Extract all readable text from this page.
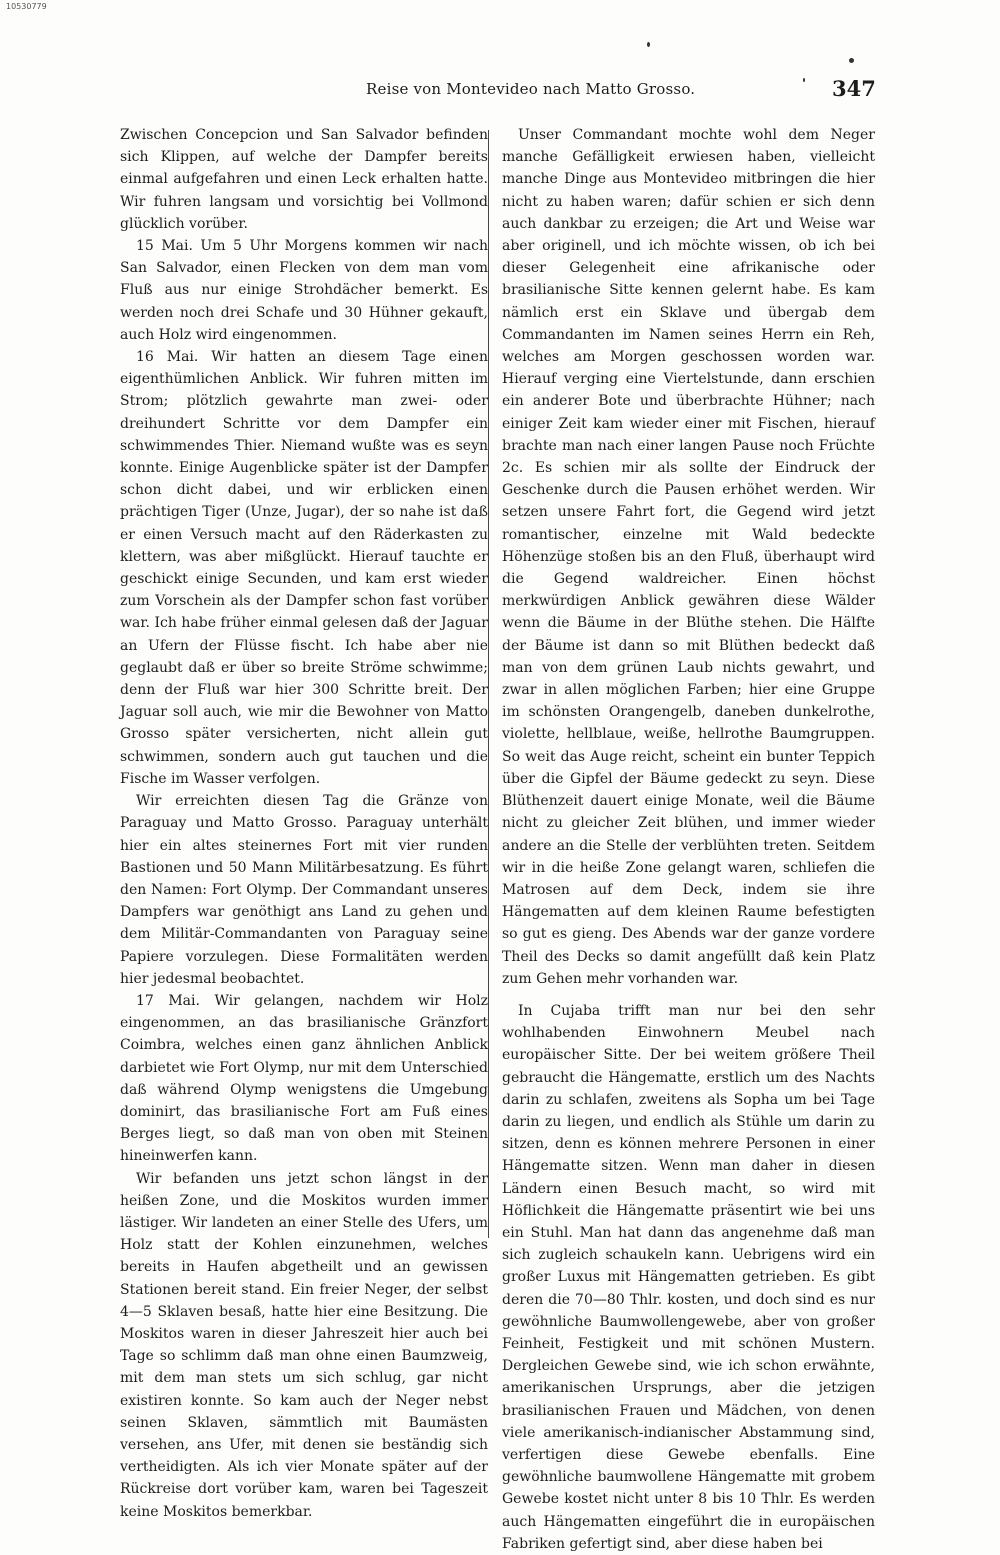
10530779
Reise von Montevideo nach Matto Grosso.	347

Zwischen Concepcion und San Salvador befinden sich Klippen, auf welche der Dampfer bereits einmal aufgefahren und einen Leck erhalten hatte. Wir fuhren langsam und vorsichtig bei Vollmond glücklich vorüber.

15 Mai. Um 5 Uhr Morgens kommen wir nach San Salvador, einen Flecken von dem man vom Fluß aus nur einige Strohdächer bemerkt. Es werden noch drei Schafe und 30 Hühner gekauft, auch Holz wird eingenommen.

16 Mai. Wir hatten an diesem Tage einen eigenthümlichen Anblick. Wir fuhren mitten im Strom; plötzlich gewahrte man zwei- oder dreihundert Schritte vor dem Dampfer ein schwimmendes Thier. Niemand wußte was es seyn konnte. Einige Augenblicke später ist der Dampfer schon dicht dabei, und wir erblicken einen prächtigen Tiger (Unze, Jugar), der so nahe ist daß er einen Versuch macht auf den Räderkasten zu klettern, was aber mißglückt. Hierauf tauchte er geschickt einige Secunden, und kam erst wieder zum Vorschein als der Dampfer schon fast vorüber war. Ich habe früher einmal gelesen daß der Jaguar an Ufern der Flüsse fischt. Ich habe aber nie geglaubt daß er über so breite Ströme schwimme; denn der Fluß war hier 300 Schritte breit. Der Jaguar soll auch, wie mir die Bewohner von Matto Grosso später versicherten, nicht allein gut schwimmen, sondern auch gut tauchen und die Fische im Wasser verfolgen.

Wir erreichten diesen Tag die Gränze von Paraguay und Matto Grosso. Paraguay unterhält hier ein altes steinernes Fort mit vier runden Bastionen und 50 Mann Militärbesatzung. Es führt den Namen: Fort Olymp. Der Commandant unseres Dampfers war genöthigt ans Land zu gehen und dem Militär-Commandanten von Paraguay seine Papiere vorzulegen. Diese Formalitäten werden hier jedesmal beobachtet.

17 Mai. Wir gelangen, nachdem wir Holz eingenommen, an das brasilianische Gränzfort Coimbra, welches einen ganz ähnlichen Anblick darbietet wie Fort Olymp, nur mit dem Unterschied daß während Olymp wenigstens die Umgebung dominirt, das brasilianische Fort am Fuß eines Berges liegt, so daß man von oben mit Steinen hineinwerfen kann.

Wir befanden uns jetzt schon längst in der heißen Zone, und die Moskitos wurden immer lästiger. Wir landeten an einer Stelle des Ufers, um Holz statt der Kohlen einzunehmen, welches bereits in Haufen abgetheilt und an gewissen Stationen bereit stand. Ein freier Neger, der selbst 4—5 Sklaven besaß, hatte hier eine Besitzung. Die Moskitos waren in dieser Jahreszeit hier auch bei Tage so schlimm daß man ohne einen Baumzweig, mit dem man stets um sich schlug, gar nicht existiren konnte. So kam auch der Neger nebst seinen Sklaven, sämmtlich mit Baumästen versehen, ans Ufer, mit denen sie beständig sich vertheidigten. Als ich vier Monate später auf der Rückreise dort vorüber kam, waren bei Tageszeit keine Moskitos bemerkbar.

Unser Commandant mochte wohl dem Neger manche Gefälligkeit erwiesen haben, vielleicht manche Dinge aus Montevideo mitbringen die hier nicht zu haben waren; dafür schien er sich denn auch dankbar zu erzeigen; die Art und Weise war aber originell, und ich möchte wissen, ob ich bei dieser Gelegenheit eine afrikanische oder brasilianische Sitte kennen gelernt habe. Es kam nämlich erst ein Sklave und übergab dem Commandanten im Namen seines Herrn ein Reh, welches am Morgen geschossen worden war. Hierauf verging eine Viertelstunde, dann erschien ein anderer Bote und überbrachte Hühner; nach einiger Zeit kam wieder einer mit Fischen, hierauf brachte man nach einer langen Pause noch Früchte 2c. Es schien mir als sollte der Eindruck der Geschenke durch die Pausen erhöhet werden. Wir setzen unsere Fahrt fort, die Gegend wird jetzt romantischer, einzelne mit Wald bedeckte Höhenzüge stoßen bis an den Fluß, überhaupt wird die Gegend waldreicher. Einen höchst merkwürdigen Anblick gewähren diese Wälder wenn die Bäume in der Blüthe stehen. Die Hälfte der Bäume ist dann so mit Blüthen bedeckt daß man von dem grünen Laub nichts gewahrt, und zwar in allen möglichen Farben; hier eine Gruppe im schönsten Orangengelb, daneben dunkelrothe, violette, hellblaue, weiße, hellrothe Baumgruppen. So weit das Auge reicht, scheint ein bunter Teppich über die Gipfel der Bäume gedeckt zu seyn. Diese Blüthenzeit dauert einige Monate, weil die Bäume nicht zu gleicher Zeit blühen, und immer wieder andere an die Stelle der verblühten treten. Seitdem wir in die heiße Zone gelangt waren, schliefen die Matrosen auf dem Deck, indem sie ihre Hängematten auf dem kleinen Raume befestigten so gut es gieng. Des Abends war der ganze vordere Theil des Decks so damit angefüllt daß kein Platz zum Gehen mehr vorhanden war.

In Cujaba trifft man nur bei den sehr wohlhabenden Einwohnern Meubel nach europäischer Sitte. Der bei weitem größere Theil gebraucht die Hängematte, erstlich um des Nachts darin zu schlafen, zweitens als Sopha um bei Tage darin zu liegen, und endlich als Stühle um darin zu sitzen, denn es können mehrere Personen in einer Hängematte sitzen. Wenn man daher in diesen Ländern einen Besuch macht, so wird mit Höflichkeit die Hängematte präsentirt wie bei uns ein Stuhl. Man hat dann das angenehme daß man sich zugleich schaukeln kann. Uebrigens wird ein großer Luxus mit Hängematten getrieben. Es gibt deren die 70—80 Thlr. kosten, und doch sind es nur gewöhnliche Baumwollengewebe, aber von großer Feinheit, Festigkeit und mit schönen Mustern. Dergleichen Gewebe sind, wie ich schon erwähnte, amerikanischen Ursprungs, aber die jetzigen brasilianischen Frauen und Mädchen, von denen viele amerikanisch-indianischer Abstammung sind, verfertigen diese Gewebe ebenfalls. Eine gewöhnliche baumwollene Hängematte mit grobem Gewebe kostet nicht unter 8 bis 10 Thlr. Es werden auch Hängematten eingeführt die in europäischen Fabriken gefertigt sind, aber diese haben bei
